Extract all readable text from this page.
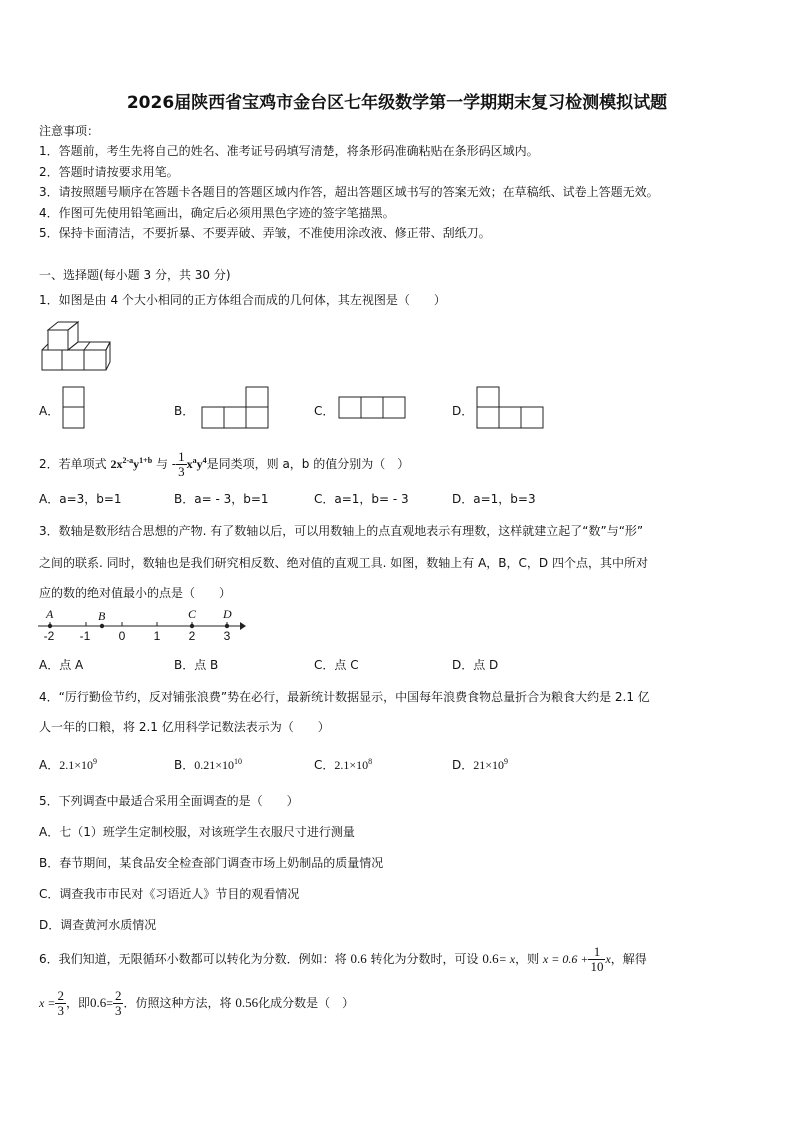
2026届陕西省宝鸡市金台区七年级数学第一学期期末复习检测模拟试题
注意事项：
1．答题前，考生先将自己的姓名、准考证号码填写清楚，将条形码准确粘贴在条形码区域内。
2．答题时请按要求用笔。
3．请按照题号顺序在答题卡各题目的答题区域内作答，超出答题区域书写的答案无效；在草稿纸、试卷上答题无效。
4．作图可先使用铅笔画出，确定后必须用黑色字迹的签字笔描黑。
5．保持卡面清洁，不要折暴、不要弄破、弄皱，不准使用涂改液、修正带、刮纸刀。
一、选择题(每小题 3 分，共 30 分)
1．如图是由 4 个大小相同的正方体组合而成的几何体，其左视图是（　　）
A．	B．	C．	D．
2．若单项式 $2x^{2-a}y^{1+b}$ 与 - $\frac{1}{3} x^ay^4$是同类项，则 a，b 的值分别为（　）
A．a=3，b=1	B．a= - 3，b=1	C．a=1，b= - 3	D．a=1，b=3
3．数轴是数形结合思想的产物. 有了数轴以后，可以用数轴上的点直观地表示有理数，这样就建立起了“数”与“形”
之间的联系. 同时，数轴也是我们研究相反数、绝对值的直观工具. 如图，数轴上有 A，B，C，D 四个点，其中所对
应的数的绝对值最小的点是（　　）
A	B	C D
-2 -1 0 1 2 3
A．点 A	B．点 B	C．点 C	D．点 D
4．“厉行勤俭节约，反对铺张浪费”势在必行，最新统计数据显示，中国每年浪费食物总量折合为粮食大约是 2.1 亿
人一年的口粮，将 2.1 亿用科学记数法表示为（　　）
A．$2.1\times 10^9$	B．$0.21\times 10^{10}$	C．$2.1\times 10^8$	D．$21\times 10^9$
5．下列调查中最适合采用全面调查的是（　　）
A．七（1）班学生定制校服，对该班学生衣服尺寸进行测量
B．春节期间，某食品安全检查部门调查市场上奶制品的质量情况
C．调查我市市民对《习语近人》节目的观看情况
D．调查黄河水质情况
6．我们知道，无限循环小数都可以转化为分数．例如：将 0.6 转化为分数时，可设 0.6= x，则 $x = 0.6 + \frac{1}{10}$ x，解得
$x = \frac{2}{3}$ ，即$0.6= \frac{2}{3}$ ．仿照这种方法，将 0.56化成分数是（　）
